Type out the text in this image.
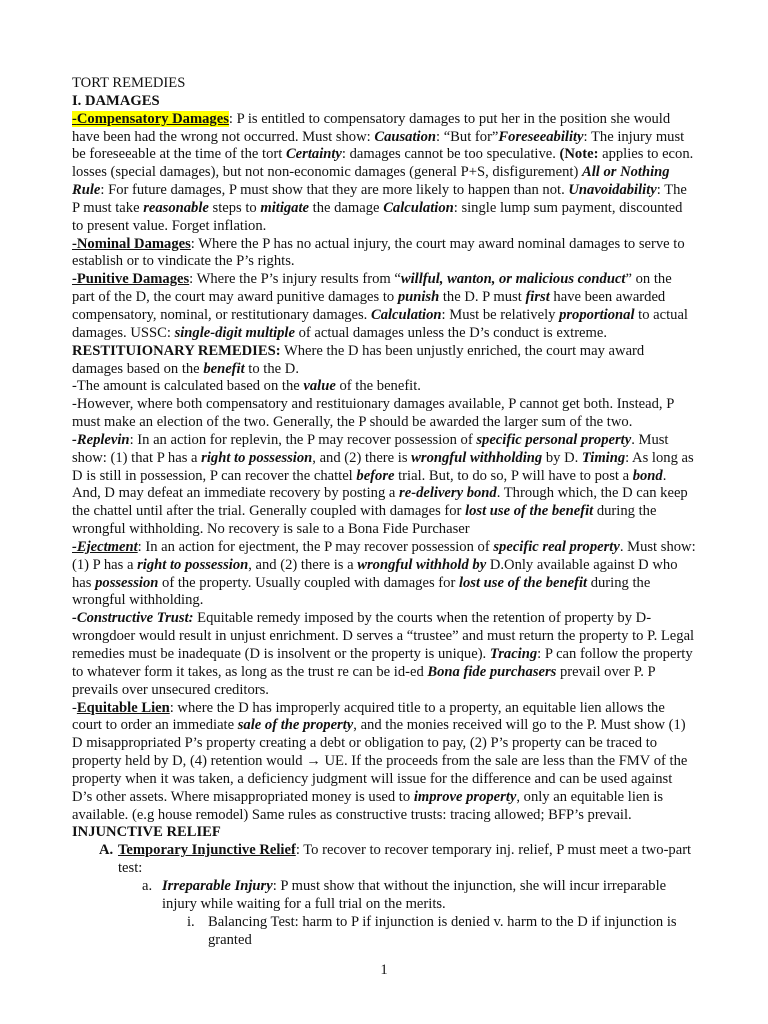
TORT REMEDIES

I. DAMAGES

-Compensatory Damages: P is entitled to compensatory damages to put her in the position she would have been had the wrong not occurred. Must show: Causation: “But for”Foreseeability: The injury must be foreseeable at the time of the tort Certainty: damages cannot be too speculative. (Note: applies to econ. losses (special damages), but not non-economic damages (general P+S, disfigurement) All or Nothing Rule: For future damages, P must show that they are more likely to happen than not. Unavoidability: The P must take reasonable steps to mitigate the damage Calculation: single lump sum payment, discounted to present value. Forget inflation.

-Nominal Damages: Where the P has no actual injury, the court may award nominal damages to serve to establish or to vindicate the P’s rights.

-Punitive Damages: Where the P’s injury results from “willful, wanton, or malicious conduct” on the part of the D, the court may award punitive damages to punish the D. P must first have been awarded compensatory, nominal, or restitutionary damages. Calculation: Must be relatively proportional to actual damages. USSC: single-digit multiple of actual damages unless the D’s conduct is extreme.

RESTITUIONARY REMEDIES: Where the D has been unjustly enriched, the court may award damages based on the benefit to the D.

-The amount is calculated based on the value of the benefit.

-However, where both compensatory and restituionary damages available, P cannot get both. Instead, P must make an election of the two. Generally, the P should be awarded the larger sum of the two.

-Replevin: In an action for replevin, the P may recover possession of specific personal property. Must show: (1) that P has a right to possession, and (2) there is wrongful withholding by D. Timing: As long as D is still in possession, P can recover the chattel before trial. But, to do so, P will have to post a bond. And, D may defeat an immediate recovery by posting a re-delivery bond. Through which, the D can keep the chattel until after the trial. Generally coupled with damages for lost use of the benefit during the wrongful withholding. No recovery is sale to a Bona Fide Purchaser

-Ejectment: In an action for ejectment, the P may recover possession of specific real property. Must show: (1) P has a right to possession, and (2) there is a wrongful withhold by D.Only available against D who has possession of the property. Usually coupled with damages for lost use of the benefit during the wrongful withholding.

-Constructive Trust: Equitable remedy imposed by the courts when the retention of property by D-wrongdoer would result in unjust enrichment. D serves a “trustee” and must return the property to P. Legal remedies must be inadequate (D is insolvent or the property is unique). Tracing: P can follow the property to whatever form it takes, as long as the trust re can be id-ed Bona fide purchasers prevail over P. P prevails over unsecured creditors.

-Equitable Lien: where the D has improperly acquired title to a property, an equitable lien allows the court to order an immediate sale of the property, and the monies received will go to the P. Must show (1) D misappropriated P’s property creating a debt or obligation to pay, (2) P’s property can be traced to property held by D, (4) retention would → UE. If the proceeds from the sale are less than the FMV of the property when it was taken, a deficiency judgment will issue for the difference and can be used against D’s other assets. Where misappropriated money is used to improve property, only an equitable lien is available. (e.g house remodel) Same rules as constructive trusts: tracing allowed; BFP’s prevail.

INJUNCTIVE RELIEF

A. Temporary Injunctive Relief: To recover to recover temporary inj. relief, P must meet a two-part test:
a. Irreparable Injury: P must show that without the injunction, she will incur irreparable injury while waiting for a full trial on the merits.
i. Balancing Test: harm to P if injunction is denied v. harm to the D if injunction is granted
1
